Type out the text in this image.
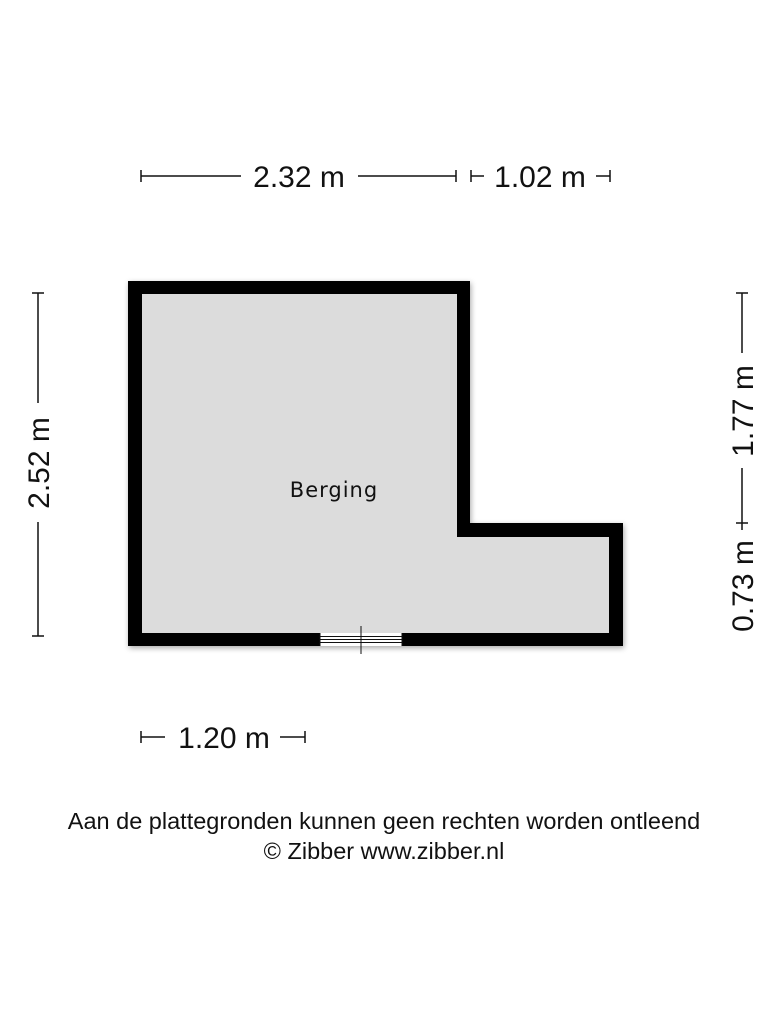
Berging
2.32 m	1.02 m
2.52 m
1.77 m
0.73 m
1.20 m
Aan de plattegronden kunnen geen rechten worden ontleend
© Zibber www.zibber.nl
